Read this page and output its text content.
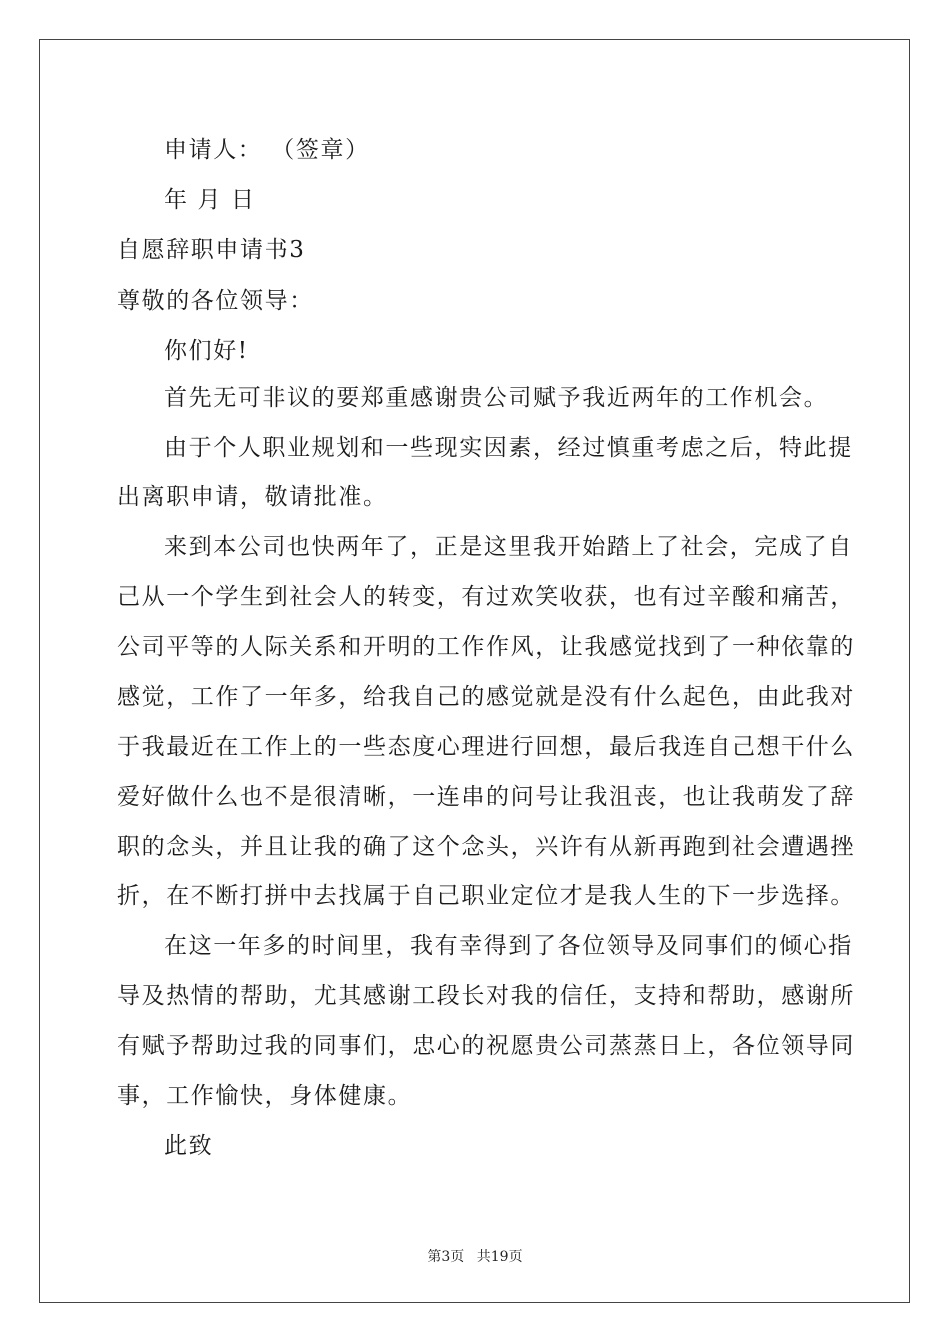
申请人： （签章）
年 月 日
自愿辞职申请书3
尊敬的各位领导：
你们好!
首先无可非议的要郑重感谢贵公司赋予我近两年的工作机会。
由于个人职业规划和一些现实因素，经过慎重考虑之后，特此提
出离职申请，敬请批准。
来到本公司也快两年了，正是这里我开始踏上了社会，完成了自
己从一个学生到社会人的转变，有过欢笑收获，也有过辛酸和痛苦，
公司平等的人际关系和开明的工作作风，让我感觉找到了一种依靠的
感觉，工作了一年多，给我自己的感觉就是没有什么起色，由此我对
于我最近在工作上的一些态度心理进行回想，最后我连自己想干什么
爱好做什么也不是很清晰，一连串的问号让我沮丧，也让我萌发了辞
职的念头，并且让我的确了这个念头，兴许有从新再跑到社会遭遇挫
折，在不断打拼中去找属于自己职业定位才是我人生的下一步选择。
在这一年多的时间里，我有幸得到了各位领导及同事们的倾心指
导及热情的帮助，尤其感谢工段长对我的信任，支持和帮助，感谢所
有赋予帮助过我的同事们，忠心的祝愿贵公司蒸蒸日上，各位领导同
事，工作愉快，身体健康。
此致
第3页 共19页
